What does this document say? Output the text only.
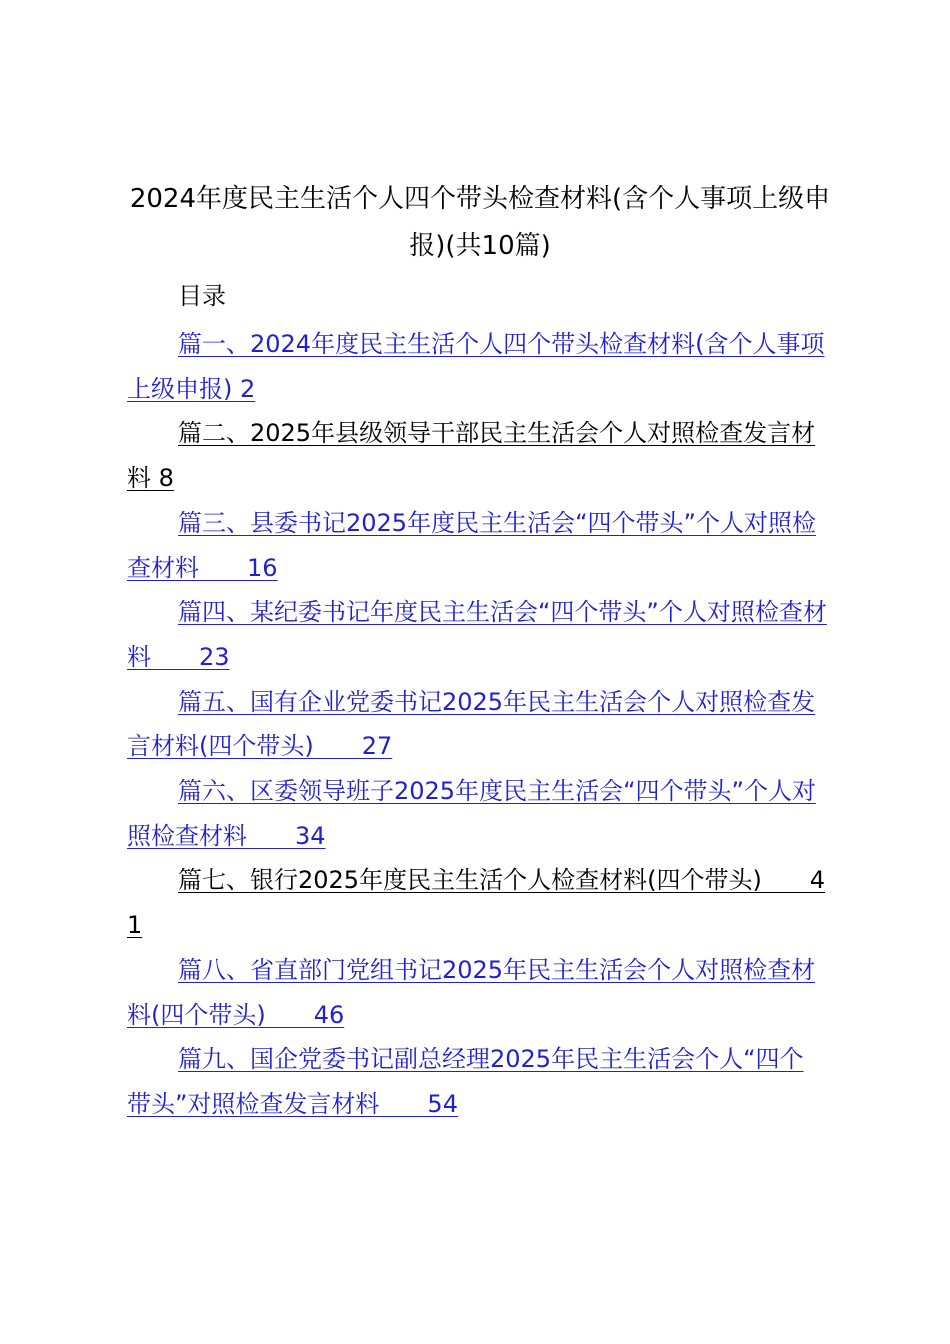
2024年度民主生活个人四个带头检查材料(含个人事项上级申报)(共10篇)
目录
篇一、2024年度民主生活个人四个带头检查材料(含个人事项上级申报) 2
篇二、2025年县级领导干部民主生活会个人对照检查发言材料 8
篇三、县委书记2025年度民主生活会“四个带头”个人对照检查材料　　16
篇四、某纪委书记年度民主生活会“四个带头”个人对照检查材料　　23
篇五、国有企业党委书记2025年民主生活会个人对照检查发言材料(四个带头)　　27
篇六、区委领导班子2025年度民主生活会“四个带头”个人对照检查材料　　34
篇七、银行2025年度民主生活个人检查材料(四个带头)　　41
篇八、省直部门党组书记2025年民主生活会个人对照检查材料(四个带头)　　46
篇九、国企党委书记副总经理2025年民主生活会个人“四个带头”对照检查发言材料　　54
